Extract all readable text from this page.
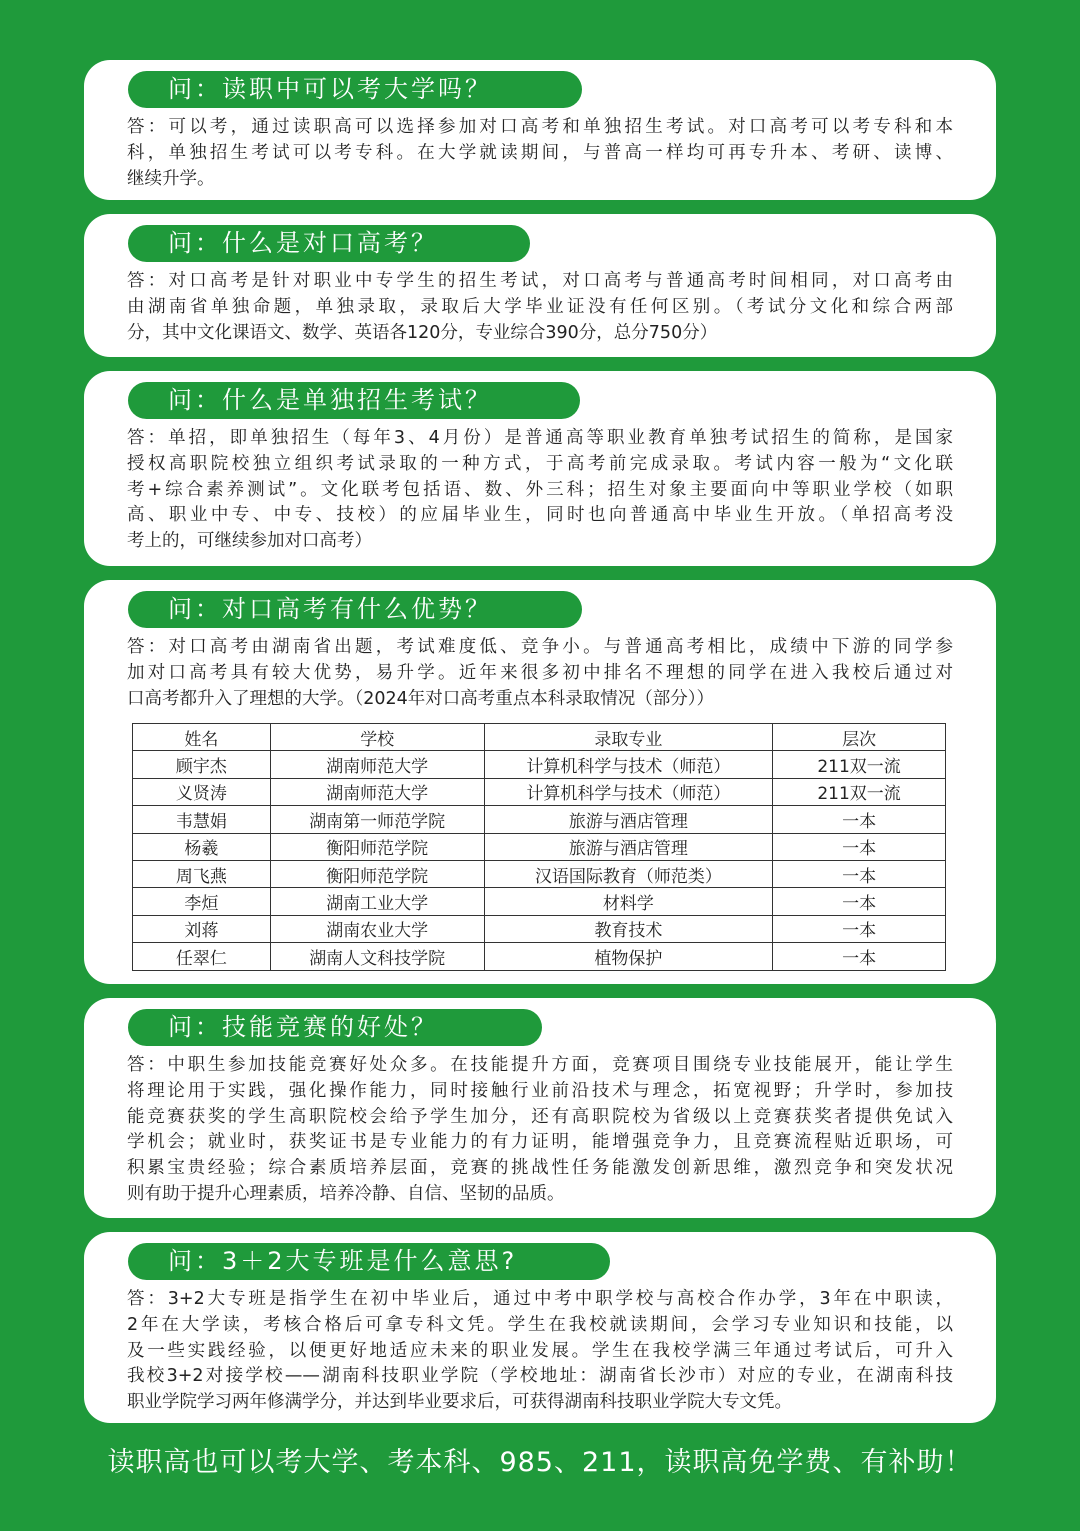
问：读职中可以考大学吗？
答：可以考，通过读职高可以选择参加对口高考和单独招生考试。对口高考可以考专科和本
科，单独招生考试可以考专科。在大学就读期间，与普高一样均可再专升本、考研、读博、
继续升学。
问：什么是对口高考？
答：对口高考是针对职业中专学生的招生考试，对口高考与普通高考时间相同，对口高考由
由湖南省单独命题，单独录取，录取后大学毕业证没有任何区别。（考试分文化和综合两部
分，其中文化课语文、数学、英语各120分，专业综合390分，总分750分）
问：什么是单独招生考试？
答：单招，即单独招生（每年3、4月份）是普通高等职业教育单独考试招生的简称，是国家
授权高职院校独立组织考试录取的一种方式，于高考前完成录取。考试内容一般为“文化联
考+综合素养测试”。文化联考包括语、数、外三科；招生对象主要面向中等职业学校（如职
高、职业中专、中专、技校）的应届毕业生，同时也向普通高中毕业生开放。（单招高考没
考上的，可继续参加对口高考）
问：对口高考有什么优势？
答：对口高考由湖南省出题，考试难度低、竞争小。与普通高考相比，成绩中下游的同学参
加对口高考具有较大优势，易升学。近年来很多初中排名不理想的同学在进入我校后通过对
口高考都升入了理想的大学。（2024年对口高考重点本科录取情况（部分））
姓名	学校	录取专业	层次
顾宇杰	湖南师范大学	计算机科学与技术（师范）	211双一流
义贤涛	湖南师范大学	计算机科学与技术（师范）	211双一流
韦慧娟	湖南第一师范学院	旅游与酒店管理	一本
杨羲	衡阳师范学院	旅游与酒店管理	一本
周飞燕	衡阳师范学院	汉语国际教育（师范类）	一本
李烜	湖南工业大学	材料学	一本
刘蒋	湖南农业大学	教育技术	一本
任翠仁	湖南人文科技学院	植物保护	一本
问：技能竞赛的好处？
答：中职生参加技能竞赛好处众多。在技能提升方面，竞赛项目围绕专业技能展开，能让学生
将理论用于实践，强化操作能力，同时接触行业前沿技术与理念，拓宽视野；升学时，参加技
能竞赛获奖的学生高职院校会给予学生加分，还有高职院校为省级以上竞赛获奖者提供免试入
学机会；就业时，获奖证书是专业能力的有力证明，能增强竞争力，且竞赛流程贴近职场，可
积累宝贵经验；综合素质培养层面，竞赛的挑战性任务能激发创新思维，激烈竞争和突发状况
则有助于提升心理素质，培养冷静、自信、坚韧的品质。
问：3＋2大专班是什么意思?
答：3+2大专班是指学生在初中毕业后，通过中考中职学校与高校合作办学，3年在中职读，
2年在大学读，考核合格后可拿专科文凭。学生在我校就读期间，会学习专业知识和技能，以
及一些实践经验，以便更好地适应未来的职业发展。学生在我校学满三年通过考试后，可升入
我校3+2对接学校——湖南科技职业学院（学校地址：湖南省长沙市）对应的专业，在湖南科技
职业学院学习两年修满学分，并达到毕业要求后，可获得湖南科技职业学院大专文凭。
读职高也可以考大学、考本科、985、211，读职高免学费、有补助！
